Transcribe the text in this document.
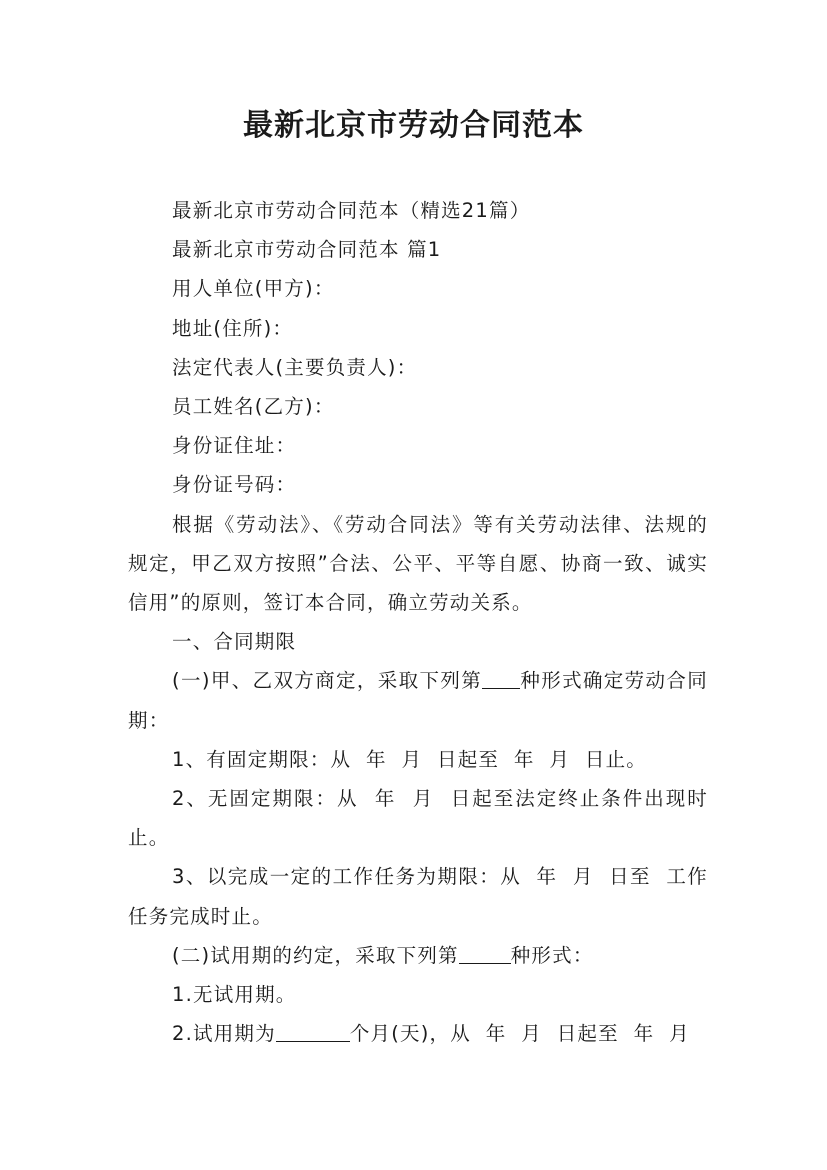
最新北京市劳动合同范本

最新北京市劳动合同范本（精选21篇）

最新北京市劳动合同范本 篇1

用人单位(甲方)：

地址(住所)：

法定代表人(主要负责人)：

员工姓名(乙方)：

身份证住址：

身份证号码：

根据《劳动法》、《劳动合同法》等有关劳动法律、法规的规定，甲乙双方按照”合法、公平、平等自愿、协商一致、诚实信用”的原则，签订本合同，确立劳动关系。

一、合同期限

(一)甲、乙双方商定，采取下列第 种形式确定劳动合同期：

1、有固定期限：从  年  月  日起至  年  月  日止。

2、无固定期限：从  年  月  日起至法定终止条件出现时止。

3、以完成一定的工作任务为期限：从  年  月  日至  工作任务完成时止。

(二)试用期的约定，采取下列第	种形式：

1.无试用期。

2.试用期为	个月(天)，从  年  月  日起至  年  月
